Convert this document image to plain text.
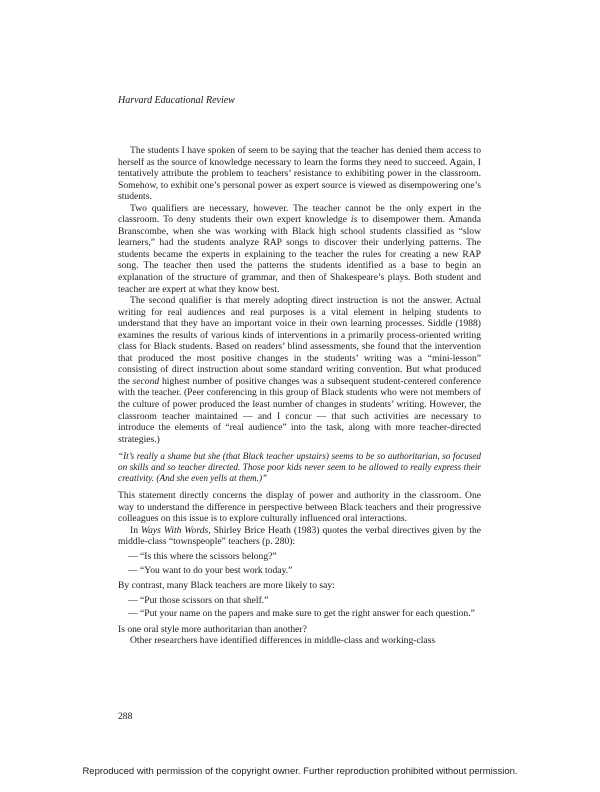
Harvard Educational Review

The students I have spoken of seem to be saying that the teacher has denied them access to herself as the source of knowledge necessary to learn the forms they need to succeed. Again, I tentatively attribute the problem to teachers’ resistance to exhibiting power in the classroom. Somehow, to exhibit one’s personal power as expert source is viewed as disempowering one’s students.

Two qualifiers are necessary, however. The teacher cannot be the only expert in the classroom. To deny students their own expert knowledge is to disempower them. Amanda Branscombe, when she was working with Black high school students classified as “slow learners,” had the students analyze RAP songs to discover their underlying patterns. The students became the experts in explaining to the teacher the rules for creating a new RAP song. The teacher then used the patterns the students identified as a base to begin an explanation of the structure of grammar, and then of Shakespeare’s plays. Both student and teacher are expert at what they know best.

The second qualifier is that merely adopting direct instruction is not the answer. Actual writing for real audiences and real purposes is a vital element in helping students to understand that they have an important voice in their own learning processes. Siddle (1988) examines the results of various kinds of interventions in a primarily process-oriented writing class for Black students. Based on readers’ blind assessments, she found that the intervention that produced the most positive changes in the students’ writing was a “mini-lesson” consisting of direct instruction about some standard writing convention. But what produced the second highest number of positive changes was a subsequent student-centered conference with the teacher. (Peer conferencing in this group of Black students who were not members of the culture of power produced the least number of changes in students’ writing. However, the classroom teacher maintained — and I concur — that such activities are necessary to introduce the elements of “real audience” into the task, along with more teacher-directed strategies.)

“It’s really a shame but she (that Black teacher upstairs) seems to be so authoritarian, so focused on skills and so teacher directed. Those poor kids never seem to be allowed to really express their creativity. (And she even yells at them.)”

This statement directly concerns the display of power and authority in the classroom. One way to understand the difference in perspective between Black teachers and their progressive colleagues on this issue is to explore culturally influenced oral interactions.

In Ways With Words, Shirley Brice Heath (1983) quotes the verbal directives given by the middle-class “townspeople” teachers (p. 280):

— “Is this where the scissors belong?”
— “You want to do your best work today.”

By contrast, many Black teachers are more likely to say:

— “Put those scissors on that shelf.”
— “Put your name on the papers and make sure to get the right answer for each question.”

Is one oral style more authoritarian than another?

Other researchers have identified differences in middle-class and working-class

288
Reproduced with permission of the copyright owner. Further reproduction prohibited without permission.
